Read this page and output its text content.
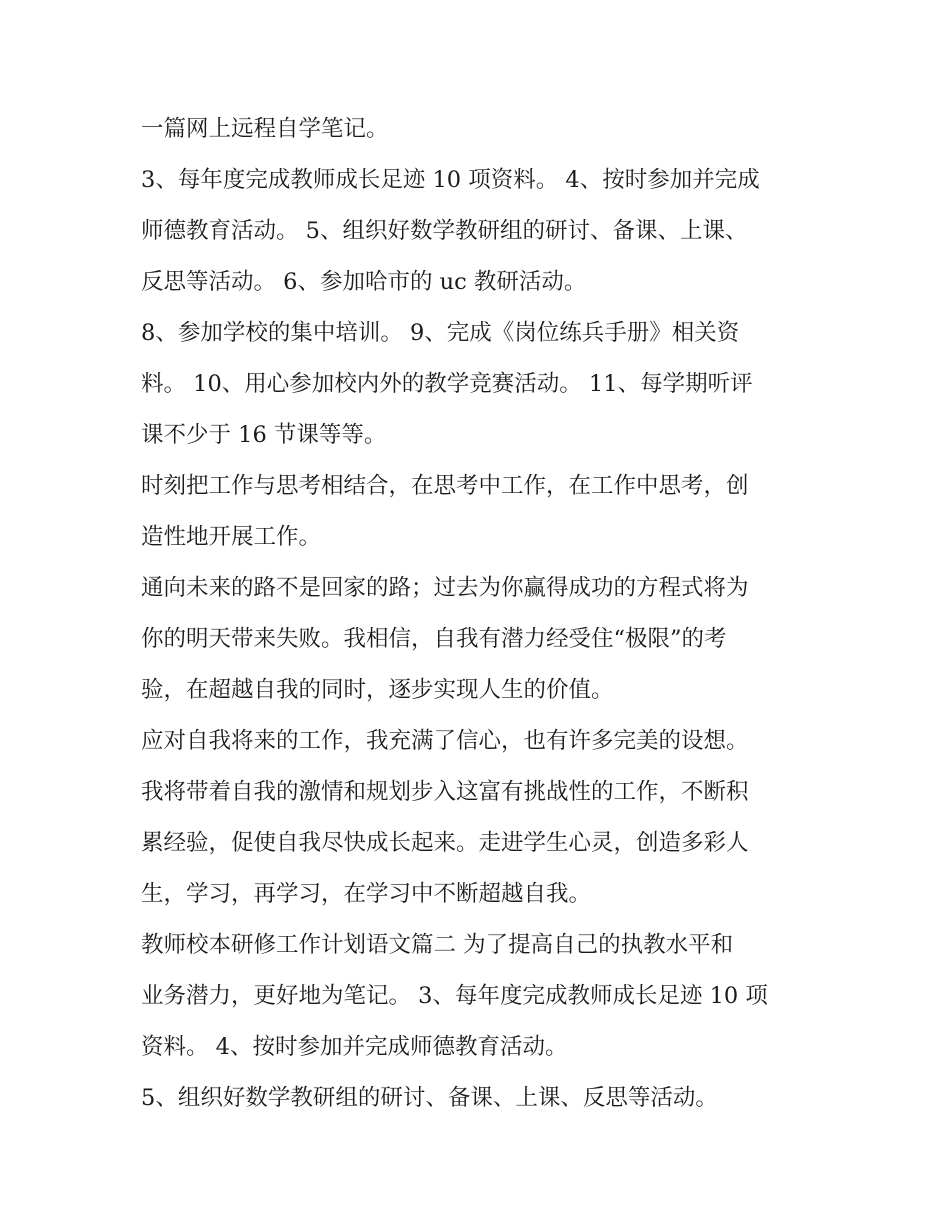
一篇网上远程自学笔记。
3、每年度完成教师成长足迹 10 项资料。 4、按时参加并完成
师德教育活动。 5、组织好数学教研组的研讨、备课、上课、
反思等活动。 6、参加哈市的 uc 教研活动。
8、参加学校的集中培训。 9、完成《岗位练兵手册》相关资
料。 10、用心参加校内外的教学竞赛活动。 11、每学期听评
课不少于 16 节课等等。
时刻把工作与思考相结合，在思考中工作，在工作中思考，创
造性地开展工作。
通向未来的路不是回家的路；过去为你赢得成功的方程式将为
你的明天带来失败。我相信，自我有潜力经受住“极限”的考
验，在超越自我的同时，逐步实现人生的价值。
应对自我将来的工作，我充满了信心，也有许多完美的设想。
我将带着自我的激情和规划步入这富有挑战性的工作，不断积
累经验，促使自我尽快成长起来。走进学生心灵，创造多彩人
生，学习，再学习，在学习中不断超越自我。
教师校本研修工作计划语文篇二 为了提高自己的执教水平和
业务潜力，更好地为笔记。 3、每年度完成教师成长足迹 10 项
资料。 4、按时参加并完成师德教育活动。
5、组织好数学教研组的研讨、备课、上课、反思等活动。
